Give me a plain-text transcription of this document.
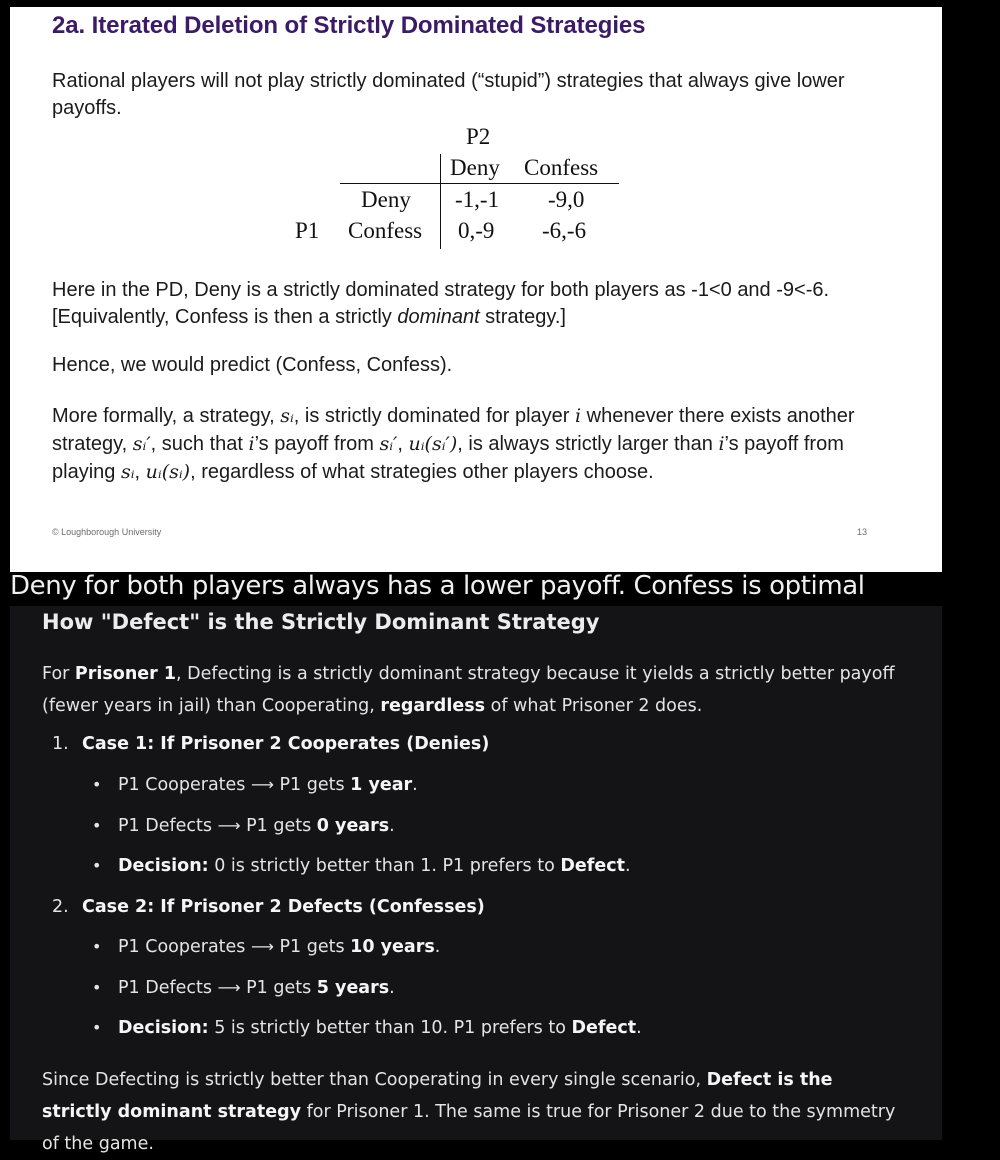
2a. Iterated Deletion of Strictly Dominated Strategies

Rational players will not play strictly dominated (“stupid”) strategies that always give lower payoffs.

P2
Deny Confess
Deny
P1 Confess
-1,-1 -9,0
0,-9 -6,-6

Here in the PD, Deny is a strictly dominated strategy for both players as -1<0 and -9<-6. [Equivalently, Confess is then a strictly dominant strategy.]

Hence, we would predict (Confess, Confess).

More formally, a strategy, sᵢ, is strictly dominated for player i whenever there exists another strategy, sᵢ′, such that i’s payoff from sᵢ′, uᵢ(sᵢ′), is always strictly larger than i’s payoff from playing sᵢ, uᵢ(sᵢ), regardless of what strategies other players choose.

© Loughborough University	13

Deny for both players always has a lower payoff. Confess is optimal

How "Defect" is the Strictly Dominant Strategy

For Prisoner 1, Defecting is a strictly dominant strategy because it yields a strictly better payoff (fewer years in jail) than Cooperating, regardless of what Prisoner 2 does.

1. Case 1: If Prisoner 2 Cooperates (Denies)
• P1 Cooperates ⟶ P1 gets 1 year.
• P1 Defects ⟶ P1 gets 0 years.
• Decision: 0 is strictly better than 1. P1 prefers to Defect.
2. Case 2: If Prisoner 2 Defects (Confesses)
• P1 Cooperates ⟶ P1 gets 10 years.
• P1 Defects ⟶ P1 gets 5 years.
• Decision: 5 is strictly better than 10. P1 prefers to Defect.

Since Defecting is strictly better than Cooperating in every single scenario, Defect is the strictly dominant strategy for Prisoner 1. The same is true for Prisoner 2 due to the symmetry of the game.
